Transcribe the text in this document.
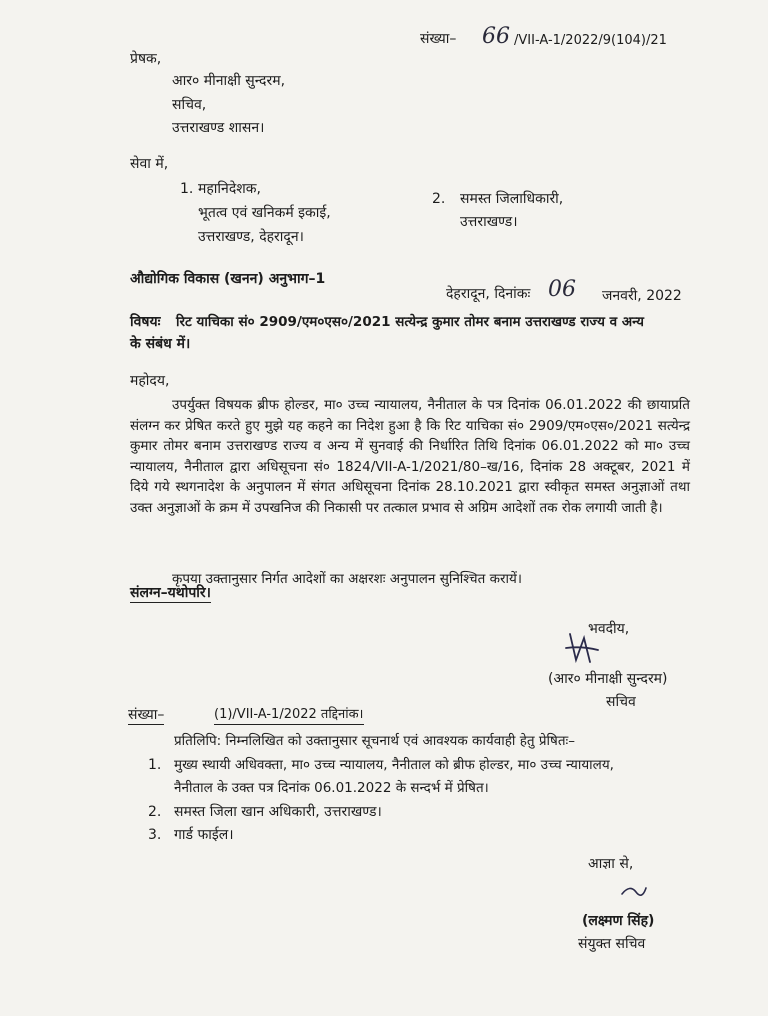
संख्या– 66 /VII-A-1/2022/9(104)/21
प्रेषक,
आर० मीनाक्षी सुन्दरम,
सचिव,
उत्तराखण्ड शासन।
सेवा में,
1. महानिदेशक,
भूतत्व एवं खनिकर्म इकाई,
उत्तराखण्ड, देहरादून।
2. समस्त जिलाधिकारी,
उत्तराखण्ड।
औद्योगिक विकास (खनन) अनुभाग–1
देहरादून, दिनांकः 06 जनवरी, 2022
विषयः रिट याचिका सं० 2909/एम०एस०/2021 सत्येन्द्र कुमार तोमर बनाम उत्तराखण्ड राज्य व अन्य
के संबंध में।
महोदय,
उपर्युक्त विषयक ब्रीफ होल्डर, मा० उच्च न्यायालय, नैनीताल के पत्र दिनांक 06.01.2022 की छायाप्रति संलग्न कर प्रेषित करते हुए मुझे यह कहने का निदेश हुआ है कि रिट याचिका सं० 2909/एम०एस०/2021 सत्येन्द्र कुमार तोमर बनाम उत्तराखण्ड राज्य व अन्य में सुनवाई की निर्धारित तिथि दिनांक 06.01.2022 को मा० उच्च न्यायालय, नैनीताल द्वारा अधिसूचना सं० 1824/VII-A-1/2021/80–ख/16, दिनांक 28 अक्टूबर, 2021 में दिये गये स्थगनादेश के अनुपालन में संगत अधिसूचना दिनांक 28.10.2021 द्वारा स्वीकृत समस्त अनुज्ञाओं तथा उक्त अनुज्ञाओं के क्रम में उपखनिज की निकासी पर तत्काल प्रभाव से अग्रिम आदेशों तक रोक लगायी जाती है।
कृपया उक्तानुसार निर्गत आदेशों का अक्षरशः अनुपालन सुनिश्चित करायें।
संलग्न–यथोपरि।
भवदीय,
(आर० मीनाक्षी सुन्दरम)
सचिव
संख्या–	(1)/VII-A-1/2022 तद्दिनांक।
प्रतिलिपि: निम्नलिखित को उक्तानुसार सूचनार्थ एवं आवश्यक कार्यवाही हेतु प्रेषितः–
1. मुख्य स्थायी अधिवक्ता, मा० उच्च न्यायालय, नैनीताल को ब्रीफ होल्डर, मा० उच्च न्यायालय,
नैनीताल के उक्त पत्र दिनांक 06.01.2022 के सन्दर्भ में प्रेषित।
2. समस्त जिला खान अधिकारी, उत्तराखण्ड।
3. गार्ड फाईल।
आज्ञा से,
(लक्ष्मण सिंह)
संयुक्त सचिव
